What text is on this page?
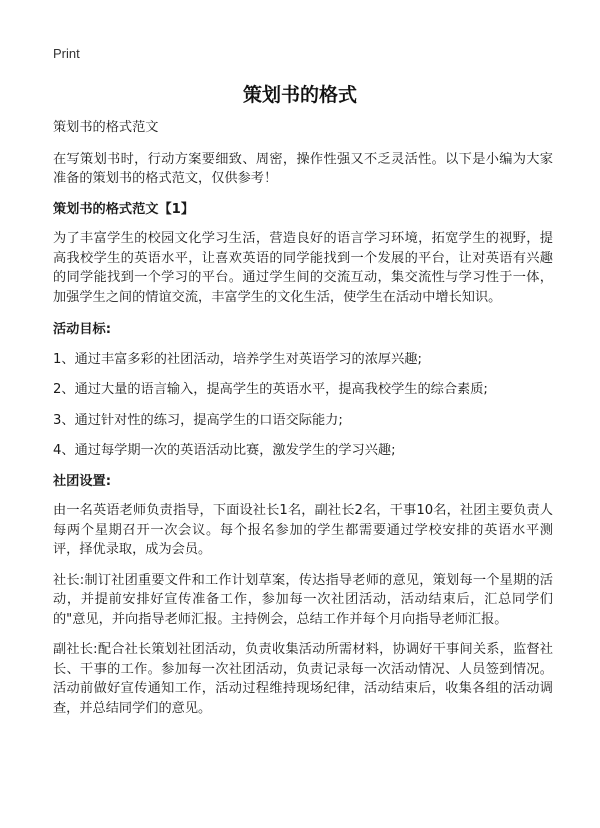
Print
策划书的格式

策划书的格式范文

在写策划书时，行动方案要细致、周密，操作性强又不乏灵活性。以下是小编为大家准备的策划书的格式范文，仅供参考！

策划书的格式范文【1】

为了丰富学生的校园文化学习生活，营造良好的语言学习环境，拓宽学生的视野，提高我校学生的英语水平，让喜欢英语的同学能找到一个发展的平台，让对英语有兴趣的同学能找到一个学习的平台。通过学生间的交流互动，集交流性与学习性于一体，加强学生之间的情谊交流，丰富学生的文化生活，使学生在活动中增长知识。

活动目标:

1、通过丰富多彩的社团活动，培养学生对英语学习的浓厚兴趣;

2、通过大量的语言输入，提高学生的英语水平，提高我校学生的综合素质;

3、通过针对性的练习，提高学生的口语交际能力;

4、通过每学期一次的英语活动比赛，激发学生的学习兴趣;

社团设置:

由一名英语老师负责指导，下面设社长1名，副社长2名，干事10名，社团主要负责人每两个星期召开一次会议。每个报名参加的学生都需要通过学校安排的英语水平测评，择优录取，成为会员。

社长:制订社团重要文件和工作计划草案，传达指导老师的意见，策划每一个星期的活动，并提前安排好宣传准备工作，参加每一次社团活动，活动结束后，汇总同学们的"意见，并向指导老师汇报。主持例会，总结工作并每个月向指导老师汇报。

副社长:配合社长策划社团活动，负责收集活动所需材料，协调好干事间关系，监督社长、干事的工作。参加每一次社团活动，负责记录每一次活动情况、人员签到情况。活动前做好宣传通知工作，活动过程维持现场纪律，活动结束后，收集各组的活动调查，并总结同学们的意见。
